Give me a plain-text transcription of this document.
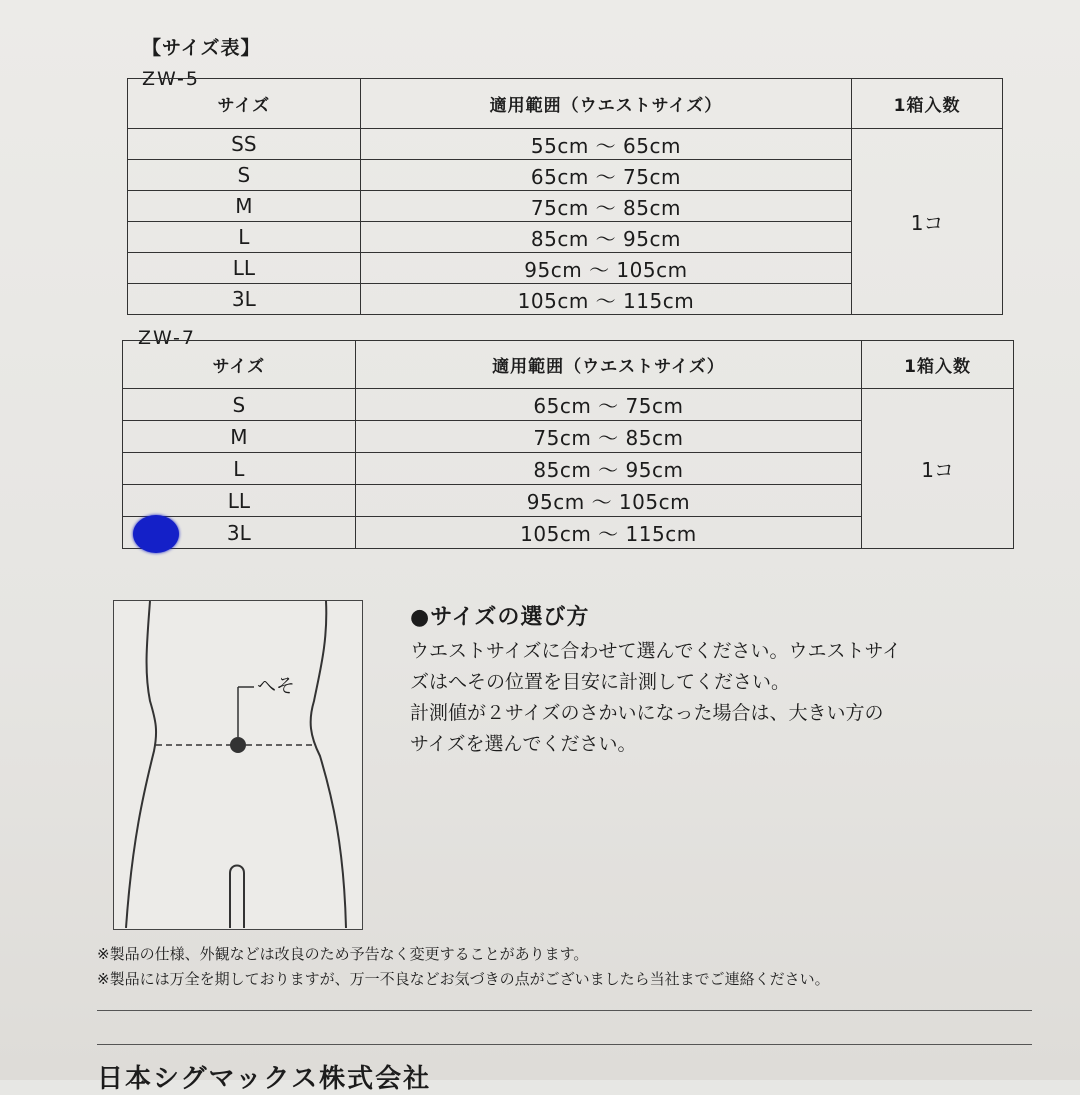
【サイズ表】
ZW-5
サイズ	適用範囲（ウエストサイズ）	1箱入数
SS	55cm ～ 65cm	1コ
S	65cm ～ 75cm	
M	75cm ～ 85cm	
L	85cm ～ 95cm	
LL	95cm ～ 105cm	
3L	105cm ～ 115cm	
ZW-7
サイズ	適用範囲（ウエストサイズ）	1箱入数
S	65cm ～ 75cm	1コ
M	75cm ～ 85cm	
L	85cm ～ 95cm	
LL	95cm ～ 105cm	
3L	105cm ～ 115cm	
へそ
●サイズの選び方
ウエストサイズに合わせて選んでください。ウエストサイ
ズはへその位置を目安に計測してください。
計測値が２サイズのさかいになった場合は、大きい方の
サイズを選んでください。
※製品の仕様、外観などは改良のため予告なく変更することがあります。
※製品には万全を期しておりますが、万一不良などお気づきの点がございましたら当社までご連絡ください。
日本シグマックス株式会社
